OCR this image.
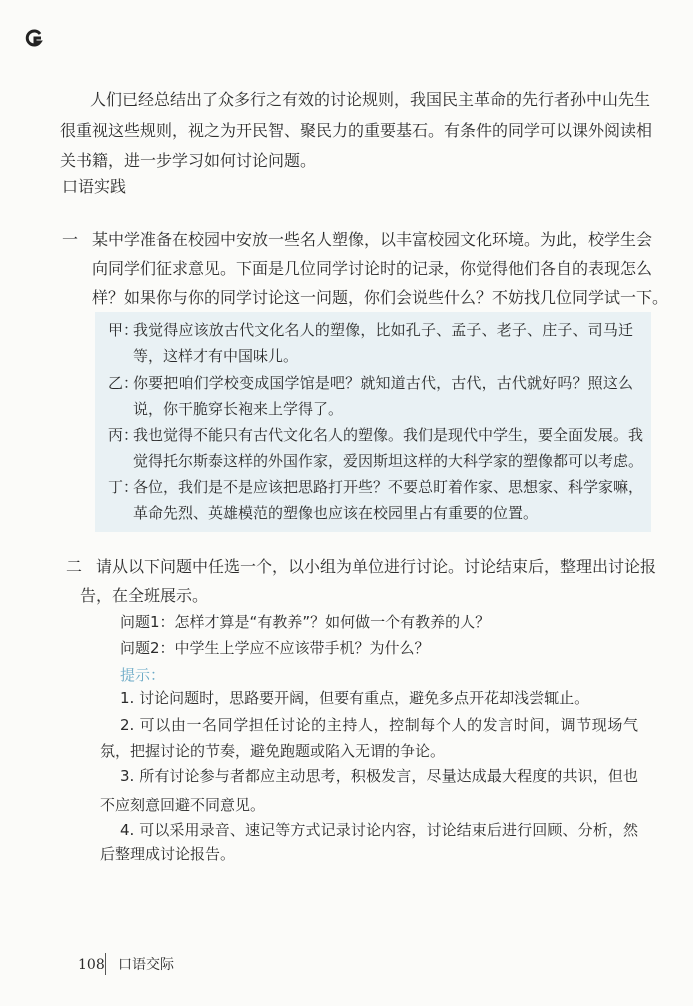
人们已经总结出了众多行之有效的讨论规则，我国民主革命的先行者孙中山先生
很重视这些规则，视之为开民智、聚民力的重要基石。有条件的同学可以课外阅读相
关书籍，进一步学习如何讨论问题。
口语实践
一 某中学准备在校园中安放一些名人塑像，以丰富校园文化环境。为此，校学生会
向同学们征求意见。下面是几位同学讨论时的记录，你觉得他们各自的表现怎么
样？如果你与你的同学讨论这一问题，你们会说些什么？不妨找几位同学试一下。
甲：
我觉得应该放古代文化名人的塑像，比如孔子、孟子、老子、庄子、司马迁
等，这样才有中国味儿。
乙：
你要把咱们学校变成国学馆是吧？就知道古代，古代，古代就好吗？照这么
说，你干脆穿长袍来上学得了。
丙：
我也觉得不能只有古代文化名人的塑像。我们是现代中学生，要全面发展。我
觉得托尔斯泰这样的外国作家，爱因斯坦这样的大科学家的塑像都可以考虑。
丁：
各位，我们是不是应该把思路打开些？不要总盯着作家、思想家、科学家嘛，
革命先烈、英雄模范的塑像也应该在校园里占有重要的位置。
二 请从以下问题中任选一个，以小组为单位进行讨论。讨论结束后，整理出讨论报
告，在全班展示。
问题1：怎样才算是“有教养”？如何做一个有教养的人？
问题2：中学生上学应不应该带手机？为什么？
提示：
1. 讨论问题时，思路要开阔，但要有重点，避免多点开花却浅尝辄止。
2. 可以由一名同学担任讨论的主持人，控制每个人的发言时间，调节现场气
氛，把握讨论的节奏，避免跑题或陷入无谓的争论。
3. 所有讨论参与者都应主动思考，积极发言，尽量达成最大程度的共识，但也
不应刻意回避不同意见。
4. 可以采用录音、速记等方式记录讨论内容，讨论结束后进行回顾、分析，然
后整理成讨论报告。
108 口语交际
